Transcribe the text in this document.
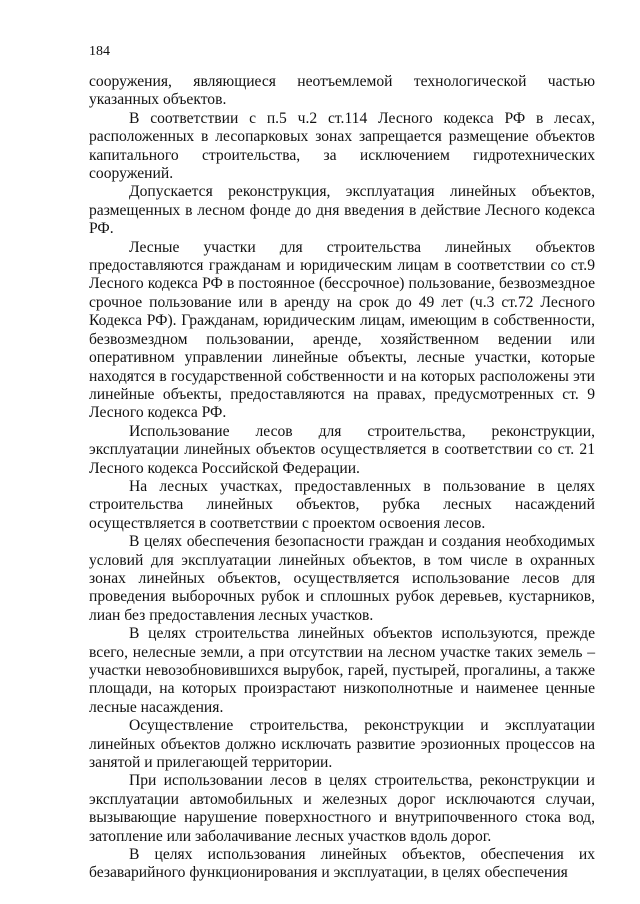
184

сооружения, являющиеся неотъемлемой технологической частью указанных объектов.

В соответствии с п.5 ч.2 ст.114 Лесного кодекса РФ в лесах, расположенных в лесопарковых зонах запрещается размещение объектов капитального строительства, за исключением гидротехнических сооружений.

Допускается реконструкция, эксплуатация линейных объектов, размещенных в лесном фонде до дня введения в действие Лесного кодекса РФ.

Лесные участки для строительства линейных объектов предоставляются гражданам и юридическим лицам в соответствии со ст.9 Лесного кодекса РФ в постоянное (бессрочное) пользование, безвозмездное срочное пользование или в аренду на срок до 49 лет (ч.3 ст.72 Лесного Кодекса РФ). Гражданам, юридическим лицам, имеющим в собственности, безвозмездном пользовании, аренде, хозяйственном ведении или оперативном управлении линейные объекты, лесные участки, которые находятся в государственной собственности и на которых расположены эти линейные объекты, предоставляются на правах, предусмотренных ст. 9 Лесного кодекса РФ.

Использование лесов для строительства, реконструкции, эксплуатации линейных объектов осуществляется в соответствии со ст. 21 Лесного кодекса Российской Федерации.

На лесных участках, предоставленных в пользование в целях строительства линейных объектов, рубка лесных насаждений осуществляется в соответствии с проектом освоения лесов.

В целях обеспечения безопасности граждан и создания необходимых условий для эксплуатации линейных объектов, в том числе в охранных зонах линейных объектов, осуществляется использование лесов для проведения выборочных рубок и сплошных рубок деревьев, кустарников, лиан без предоставления лесных участков.

В целях строительства линейных объектов используются, прежде всего, нелесные земли, а при отсутствии на лесном участке таких земель – участки невозобновившихся вырубок, гарей, пустырей, прогалины, а также площади, на которых произрастают низкополнотные и наименее ценные лесные насаждения.

Осуществление строительства, реконструкции и эксплуатации линейных объектов должно исключать развитие эрозионных процессов на занятой и прилегающей территории.

При использовании лесов в целях строительства, реконструкции и эксплуатации автомобильных и железных дорог исключаются случаи, вызывающие нарушение поверхностного и внутрипочвенного стока вод, затопление или заболачивание лесных участков вдоль дорог.

В целях использования линейных объектов, обеспечения их безаварийного функционирования и эксплуатации, в целях обеспечения
